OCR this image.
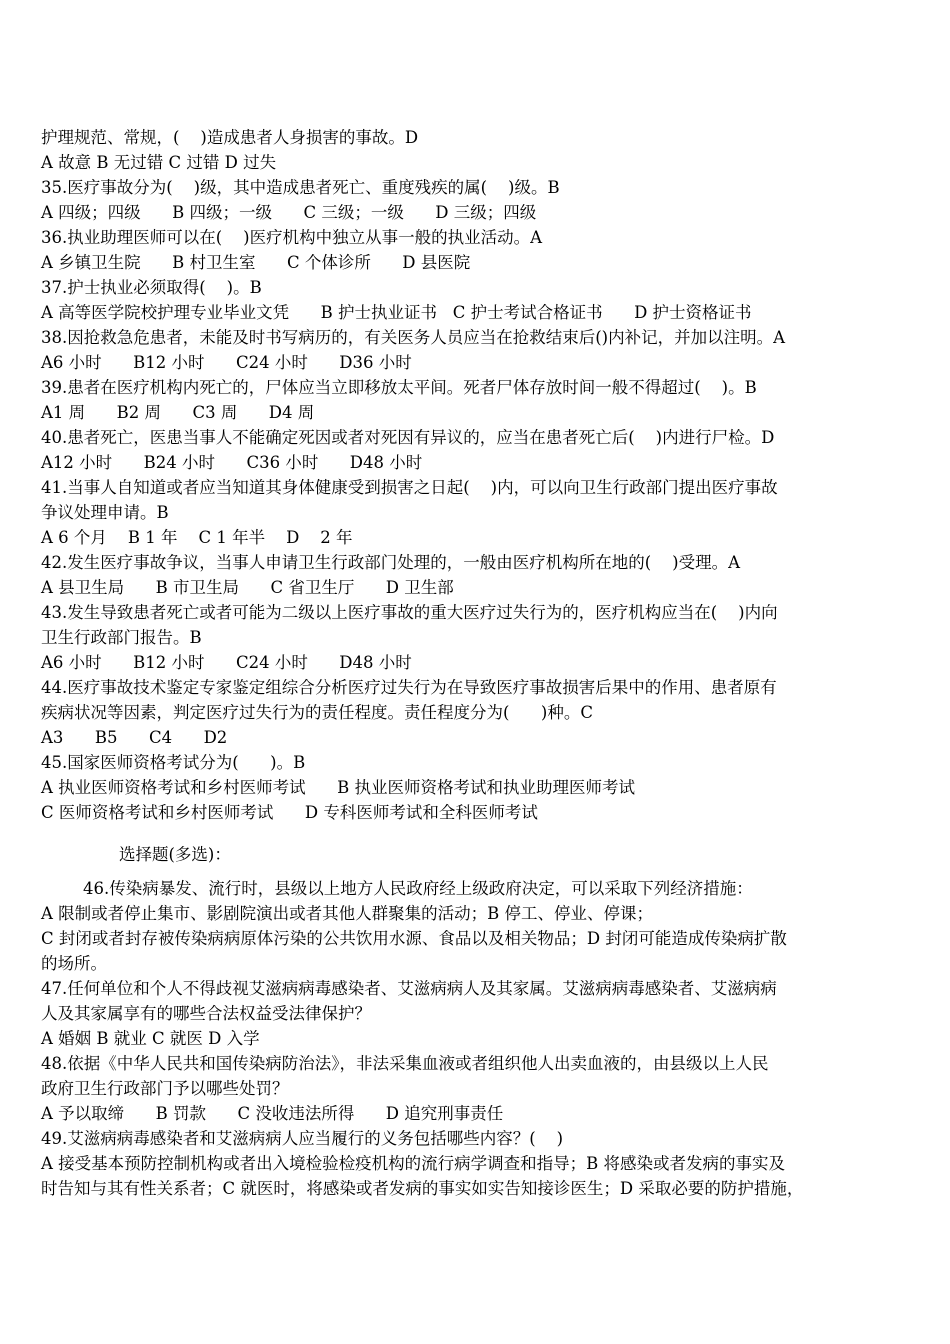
护理规范、常规，(    )造成患者人身损害的事故。D
A 故意 B 无过错 C 过错 D 过失
35.医疗事故分为(    )级，其中造成患者死亡、重度残疾的属(    )级。B
A 四级；四级      B 四级；一级      C 三级；一级      D 三级；四级
36.执业助理医师可以在(    )医疗机构中独立从事一般的执业活动。A
A 乡镇卫生院      B 村卫生室      C 个体诊所      D 县医院
37.护士执业必须取得(    )。B
A 高等医学院校护理专业毕业文凭      B 护士执业证书   C 护士考试合格证书      D 护士资格证书
38.因抢救急危患者，未能及时书写病历的，有关医务人员应当在抢救结束后()内补记，并加以注明。A
A6 小时      B12 小时      C24 小时      D36 小时
39.患者在医疗机构内死亡的，尸体应当立即移放太平间。死者尸体存放时间一般不得超过(    )。B
A1 周      B2 周      C3 周      D4 周
40.患者死亡，医患当事人不能确定死因或者对死因有异议的，应当在患者死亡后(    )内进行尸检。D
A12 小时      B24 小时      C36 小时      D48 小时
41.当事人自知道或者应当知道其身体健康受到损害之日起(    )内，可以向卫生行政部门提出医疗事故
争议处理申请。B
A 6 个月    B 1 年    C 1 年半    D    2 年
42.发生医疗事故争议，当事人申请卫生行政部门处理的，一般由医疗机构所在地的(    )受理。A
A 县卫生局      B 市卫生局      C 省卫生厅      D 卫生部
43.发生导致患者死亡或者可能为二级以上医疗事故的重大医疗过失行为的，医疗机构应当在(    )内向
卫生行政部门报告。B
A6 小时      B12 小时      C24 小时      D48 小时
44.医疗事故技术鉴定专家鉴定组综合分析医疗过失行为在导致医疗事故损害后果中的作用、患者原有
疾病状况等因素，判定医疗过失行为的责任程度。责任程度分为(      )种。C
A3      B5      C4      D2
45.国家医师资格考试分为(      )。B
A 执业医师资格考试和乡村医师考试      B 执业医师资格考试和执业助理医师考试
C 医师资格考试和乡村医师考试      D 专科医师考试和全科医师考试
选择题(多选)：
46.传染病暴发、流行时，县级以上地方人民政府经上级政府决定，可以采取下列经济措施：
A 限制或者停止集市、影剧院演出或者其他人群聚集的活动；B 停工、停业、停课；
C 封闭或者封存被传染病病原体污染的公共饮用水源、食品以及相关物品；D 封闭可能造成传染病扩散
的场所。
47.任何单位和个人不得歧视艾滋病病毒感染者、艾滋病病人及其家属。艾滋病病毒感染者、艾滋病病
人及其家属享有的哪些合法权益受法律保护？
A 婚姻 B 就业 C 就医 D 入学
48.依据《中华人民共和国传染病防治法》，非法采集血液或者组织他人出卖血液的，由县级以上人民
政府卫生行政部门予以哪些处罚？
A 予以取缔      B 罚款      C 没收违法所得      D 追究刑事责任
49.艾滋病病毒感染者和艾滋病病人应当履行的义务包括哪些内容？(    )
A 接受基本预防控制机构或者出入境检验检疫机构的流行病学调查和指导；B 将感染或者发病的事实及
时告知与其有性关系者；C 就医时，将感染或者发病的事实如实告知接诊医生；D 采取必要的防护措施，
